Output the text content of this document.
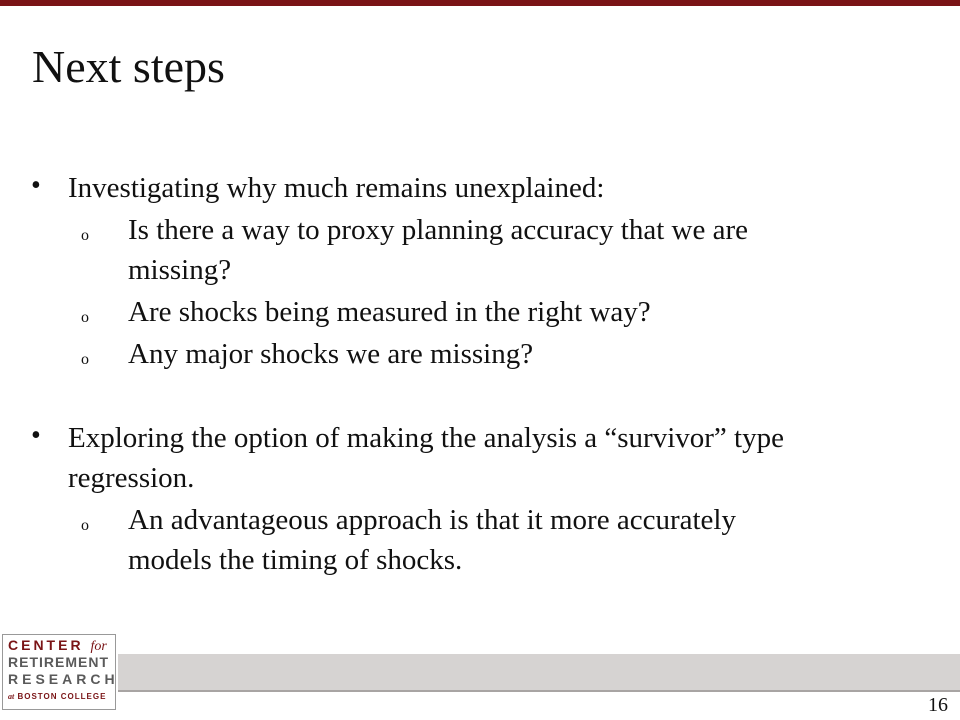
Next steps
• Investigating why much remains unexplained:
o Is there a way to proxy planning accuracy that we are
missing?
o Are shocks being measured in the right way?
o Any major shocks we are missing?
• Exploring the option of making the analysis a “survivor” type
regression.
o An advantageous approach is that it more accurately
models the timing of shocks.
CENTER for
RETIREMENT
RESEARCH
at BOSTON COLLEGE	16
